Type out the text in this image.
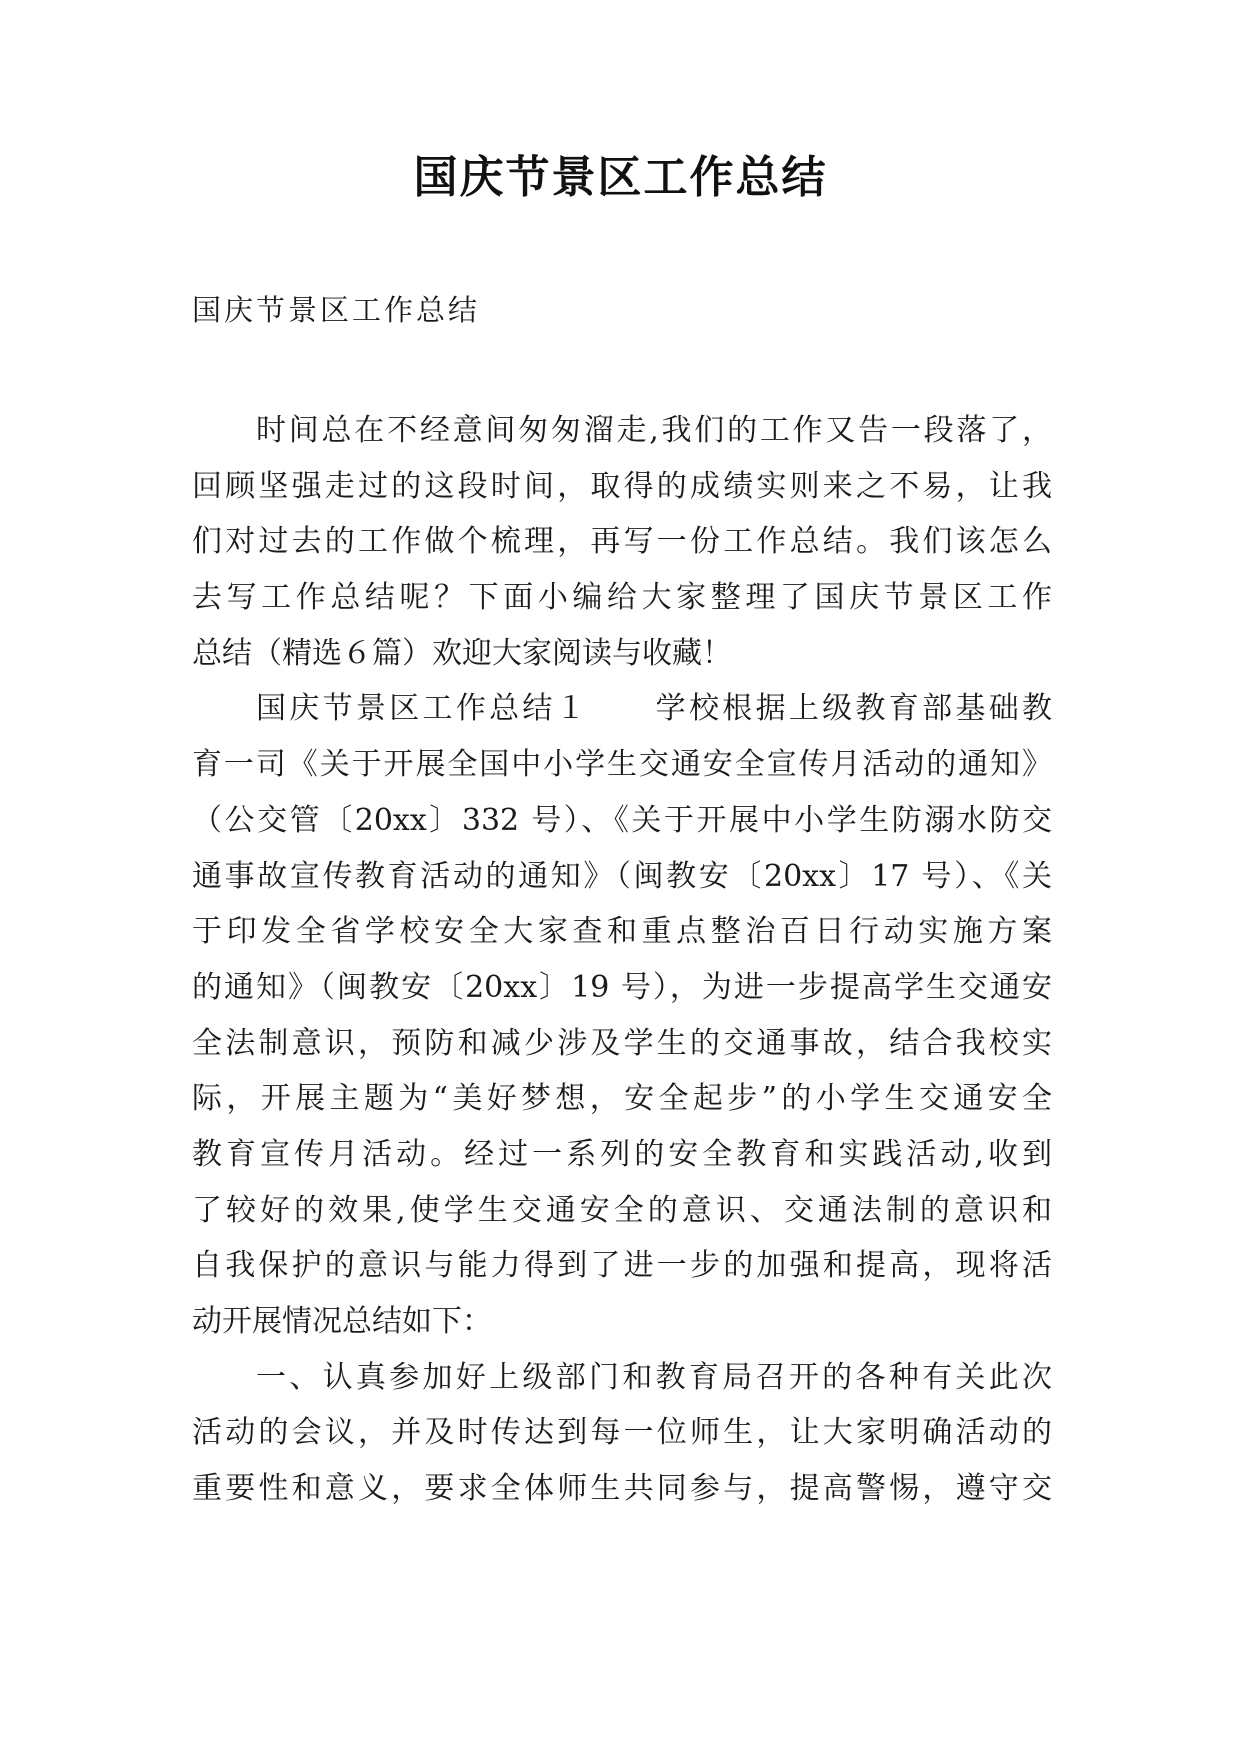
国庆节景区工作总结
国庆节景区工作总结
时间总在不经意间匆匆溜走,我们的工作又告一段落了，
回顾坚强走过的这段时间，取得的成绩实则来之不易，让我
们对过去的工作做个梳理，再写一份工作总结。我们该怎么
去写工作总结呢？下面小编给大家整理了国庆节景区工作
总结（精选６篇）欢迎大家阅读与收藏！
国庆节景区工作总结１　　学校根据上级教育部基础教
育一司《关于开展全国中小学生交通安全宣传月活动的通知》
（公交管〔20xx〕332 号）、《关于开展中小学生防溺水防交
通事故宣传教育活动的通知》（闽教安〔20xx〕17 号）、《关
于印发全省学校安全大家查和重点整治百日行动实施方案
的通知》（闽教安〔20xx〕19 号），为进一步提高学生交通安
全法制意识，预防和减少涉及学生的交通事故，结合我校实
际，开展主题为“美好梦想，安全起步”的小学生交通安全
教育宣传月活动。经过一系列的安全教育和实践活动,收到
了较好的效果,使学生交通安全的意识、交通法制的意识和
自我保护的意识与能力得到了进一步的加强和提高，现将活
动开展情况总结如下：
一、认真参加好上级部门和教育局召开的各种有关此次
活动的会议，并及时传达到每一位师生，让大家明确活动的
重要性和意义，要求全体师生共同参与，提高警惕，遵守交
